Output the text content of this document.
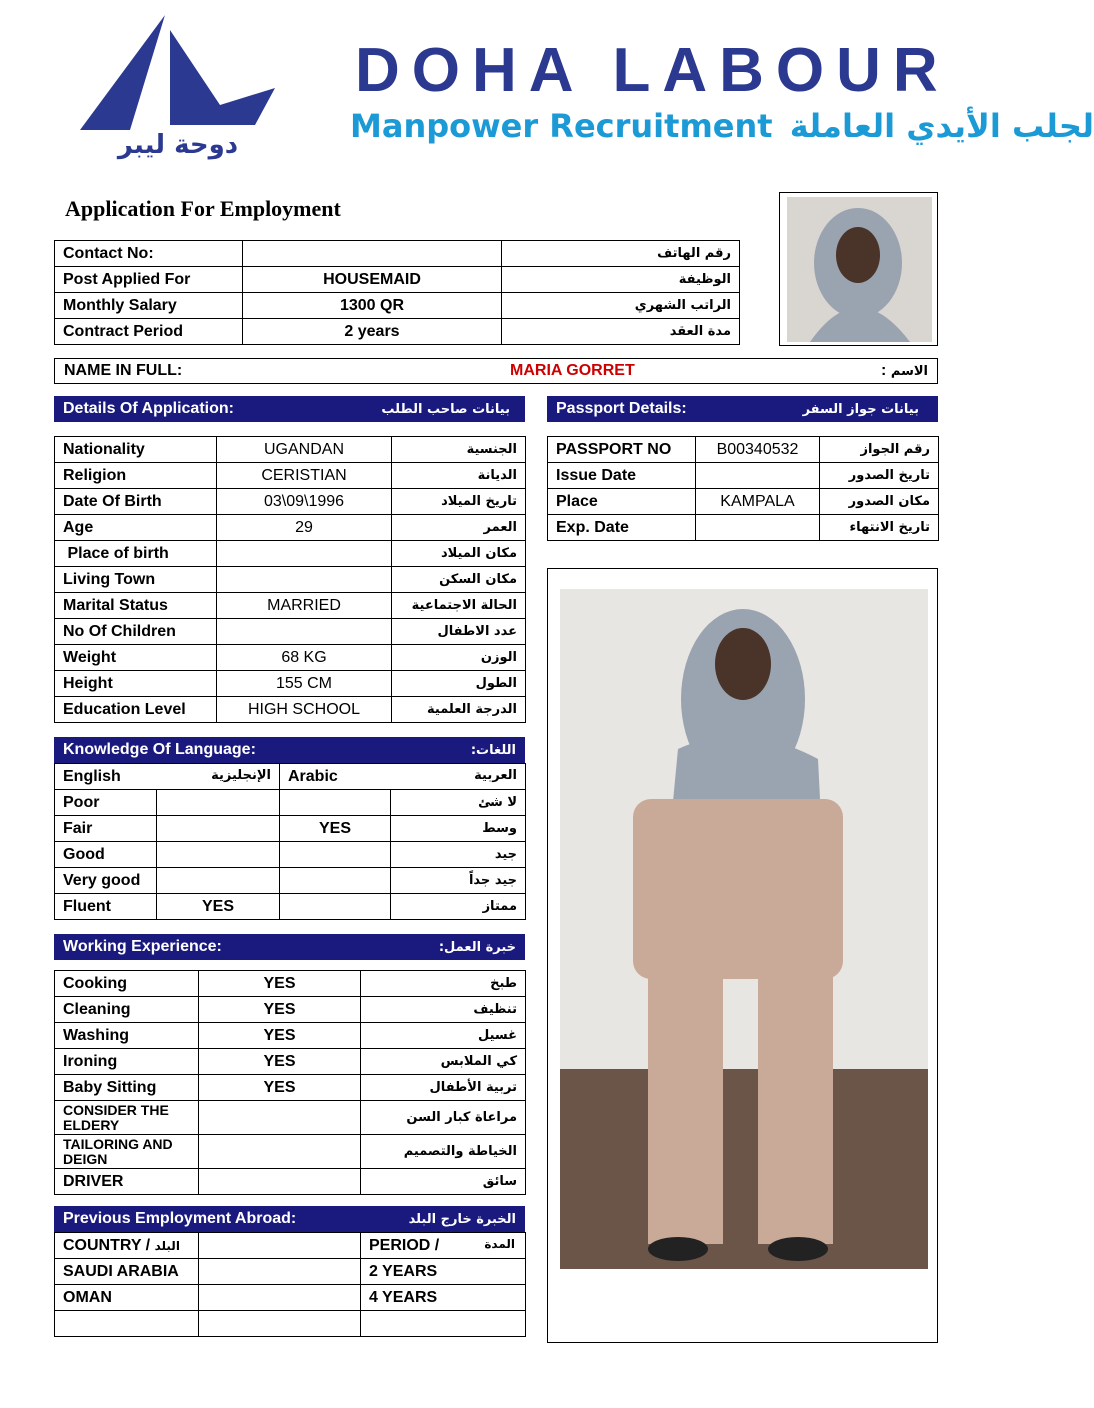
دوحة ليبر
DOHA LABOUR
Manpower Recruitment لجلب الأيدي العاملة
Application For Employment
Contact No:		رقم الهاتف
Post Applied For	HOUSEMAID	الوظيفة
Monthly Salary	1300 QR	الراتب الشهري
Contract Period	2 years	مدة العقد
NAME IN FULL:	MARIA GORRET	: الاسم
Details Of Application:	بيانات صاحب الطلب
Nationality	UGANDAN	الجنسية
Religion	CERISTIAN	الديانة
Date Of Birth	03\09\1996	تاريخ الميلاد
Age	29	العمر
Place of birth		مكان الميلاد
Living Town		مكان السكن
Marital Status	MARRIED	الحالة الاجتماعية
No Of Children		عدد الاطفال
Weight	68 KG	الوزن
Height	155 CM	الطول
Education Level	HIGH SCHOOL	الدرجة العلمية
Passport Details:	بيانات جواز السفر
PASSPORT NO	B00340532	رقم الجواز
Issue Date		تاريخ الصدور
Place	KAMPALA	مكان الصدور
Exp. Date		تاريخ الانتهاء
Knowledge Of Language:	اللغات:
English الإنجليزية		Arabic العربية	

Poor			لا شئ
Fair		YES	وسط
Good			جيد
Very good			جيد جداً
Fluent	YES		ممتاز
Working Experience:	خبرة العمل:
Cooking	YES	طبخ
Cleaning	YES	تنظيف
Washing	YES	غسيل
Ironing	YES	كي الملابس
Baby Sitting	YES	تربية الأطفال
CONSIDER THE ELDERY		مراعاة كبار السن
TAILORING AND DEIGN		الخياطة والتصميم
DRIVER		سائق
Previous Employment Abroad:	الخبرة خارج البلد
COUNTRY / البلد		PERIOD / المدة

SAUDI ARABIA		2 YEARS
OMAN		4 YEARS
